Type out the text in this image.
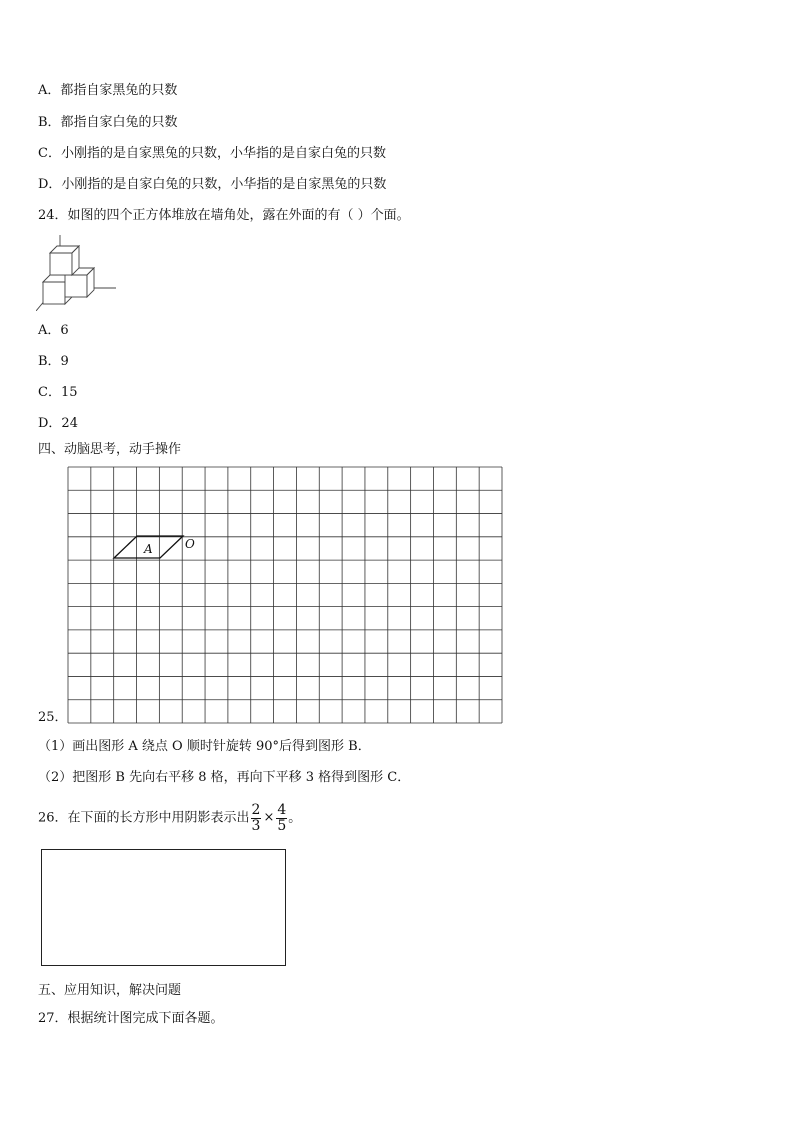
A．都指自家黑兔的只数
B．都指自家白兔的只数
C．小刚指的是自家黑兔的只数，小华指的是自家白兔的只数
D．小刚指的是自家白兔的只数，小华指的是自家黑兔的只数
24．如图的四个正方体堆放在墙角处，露在外面的有（ ）个面。
A．6
B．9
C．15
D．24
四、动脑思考，动手操作
A	O
25．
（1）画出图形 A 绕点 O 顺时针旋转 90°后得到图形 B．
（2）把图形 B 先向右平移 8 格，再向下平移 3 格得到图形 C．
26．在下面的长方形中用阴影表示出 $\frac{2}{3} \times \frac{4}{5}$ 。
五、应用知识，解决问题
27．根据统计图完成下面各题。
